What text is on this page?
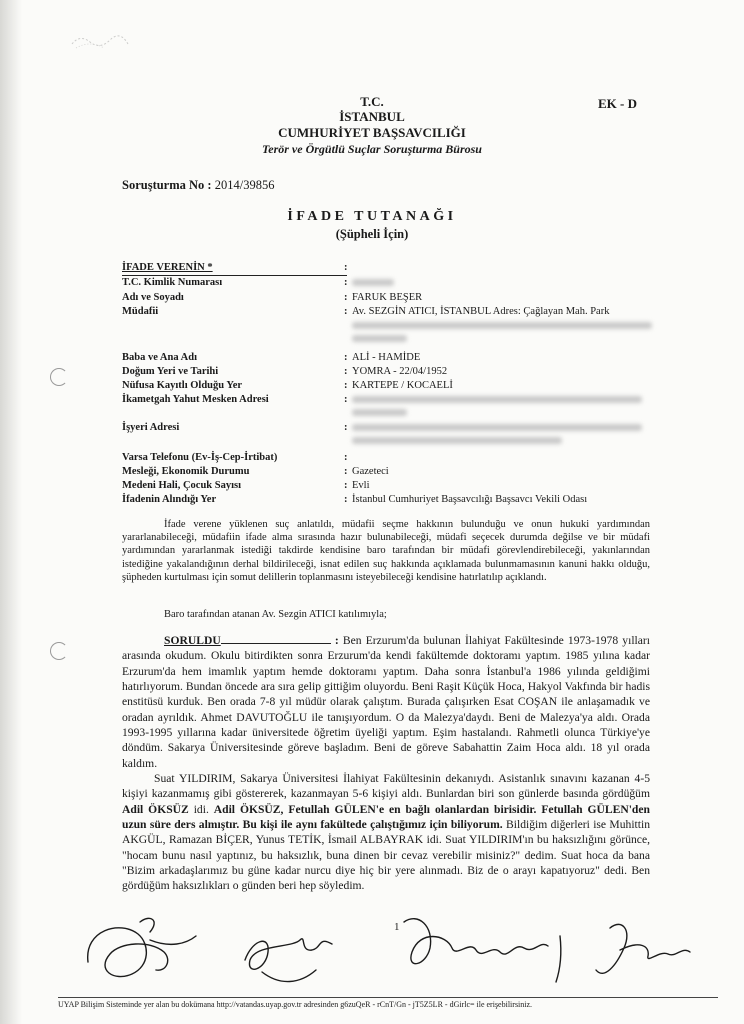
T.C.
İSTANBUL
CUMHURİYET BAŞSAVCILIĞI
Terör ve Örgütlü Suçlar Soruşturma Bürosu
EK - D
Soruşturma No : 2014/39856
İFADE TUTANAĞI
(Şüpheli İçin)
İFADE VERENİN *	:
T.C. Kimlik Numarası	:
Adı ve Soyadı	: FARUK BEŞER
Müdafii	: Av. SEZGİN ATICI, İSTANBUL Adres: Çağlayan Mah. Park
Baba ve Ana Adı	: ALİ - HAMİDE
Doğum Yeri ve Tarihi	: YOMRA - 22/04/1952
Nüfusa Kayıtlı Olduğu Yer	: KARTEPE / KOCAELİ
İkametgah Yahut Mesken Adresi	:
İşyeri Adresi	:
Varsa Telefonu (Ev-İş-Cep-İrtibat)	:
Mesleği, Ekonomik Durumu	: Gazeteci
Medeni Hali, Çocuk Sayısı	: Evli
İfadenin Alındığı Yer	: İstanbul Cumhuriyet Başsavcılığı Başsavcı Vekili Odası
İfade verene yüklenen suç anlatıldı, müdafii seçme hakkının bulunduğu ve onun hukuki yardımından yararlanabileceği, müdafiin ifade alma sırasında hazır bulunabileceği, müdafi seçecek durumda değilse ve bir müdafi yardımından yararlanmak istediği takdirde kendisine baro tarafından bir müdafi görevlendirebileceği, yakınlarından istediğine yakalandığının derhal bildirileceği, isnat edilen suç hakkında açıklamada bulunmamasının kanuni hakkı olduğu, şüpheden kurtulması için somut delillerin toplanmasını isteyebileceği kendisine hatırlatılıp açıklandı.
Baro tarafından atanan Av. Sezgin ATICI katılımıyla;
SORULDU	: Ben Erzurum'da bulunan İlahiyat Fakültesinde 1973-1978 yılları arasında okudum. Okulu bitirdikten sonra Erzurum'da kendi fakültemde doktoramı yaptım. 1985 yılına kadar Erzurum'da hem imamlık yaptım hemde doktoramı yaptım. Daha sonra İstanbul'a 1986 yılında geldiğimi hatırlıyorum. Bundan öncede ara sıra gelip gittiğim oluyordu. Beni Raşit Küçük Hoca, Hakyol Vakfında bir hadis enstitüsü kurduk. Ben orada 7-8 yıl müdür olarak çalıştım. Burada çalışırken Esat COŞAN ile anlaşamadık ve oradan ayrıldık. Ahmet DAVUTOĞLU ile tanışıyordum. O da Malezya'daydı. Beni de Malezya'ya aldı. Orada 1993-1995 yıllarına kadar üniversitede öğretim üyeliği yaptım. Eşim hastalandı. Rahmetli olunca Türkiye'ye döndüm. Sakarya Üniversitesinde göreve başladım. Beni de göreve Sabahattin Zaim Hoca aldı. 18 yıl orada kaldım.
Suat YILDIRIM, Sakarya Üniversitesi İlahiyat Fakültesinin dekanıydı. Asistanlık sınavını kazanan 4-5 kişiyi kazanmamış gibi göstererek, kazanmayan 5-6 kişiyi aldı. Bunlardan biri son günlerde basında gördüğüm Adil ÖKSÜZ idi. Adil ÖKSÜZ, Fetullah GÜLEN'e en bağlı olanlardan birisidir. Fetullah GÜLEN'den uzun süre ders almıştır. Bu kişi ile aynı fakültede çalıştığımız için biliyorum. Bildiğim diğerleri ise Muhittin AKGÜL, Ramazan BİÇER, Yunus TETİK, İsmail ALBAYRAK idi. Suat YILDIRIM'ın bu haksızlığını görünce, "hocam bunu nasıl yaptınız, bu haksızlık, buna dinen bir cevaz verebilir misiniz?" dedim. Suat hoca da bana "Bizim arkadaşlarımız bu güne kadar nurcu diye hiç bir yere alınmadı. Biz de o arayı kapatıyoruz" dedi. Ben gördüğüm haksızlıkları o günden beri hep söyledim.
1
UYAP Bilişim Sisteminde yer alan bu dokümana http://vatandas.uyap.gov.tr adresinden g6zuQeR - rCnT/Gn - jT5Z5LR - dGirlc= ile erişebilirsiniz.
